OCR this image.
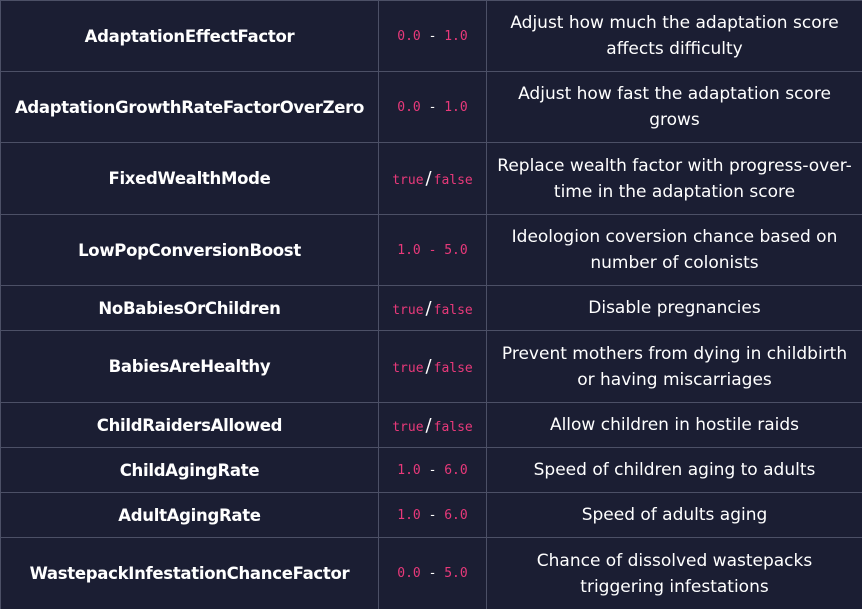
AdaptationEffectFactor	0.0 - 1.0	Adjust how much the adaptation score affects difficulty
AdaptationGrowthRateFactorOverZero	0.0 - 1.0	Adjust how fast the adaptation score grows
FixedWealthMode	true / false	Replace wealth factor with progress-over-time in the adaptation score
LowPopConversionBoost	1.0 - 5.0	Ideologion coversion chance based on number of colonists
NoBabiesOrChildren	true / false	Disable pregnancies
BabiesAreHealthy	true / false	Prevent mothers from dying in childbirth or having miscarriages
ChildRaidersAllowed	true / false	Allow children in hostile raids
ChildAgingRate	1.0 - 6.0	Speed of children aging to adults
AdultAgingRate	1.0 - 6.0	Speed of adults aging
WastepackInfestationChanceFactor	0.0 - 5.0	Chance of dissolved wastepacks triggering infestations
